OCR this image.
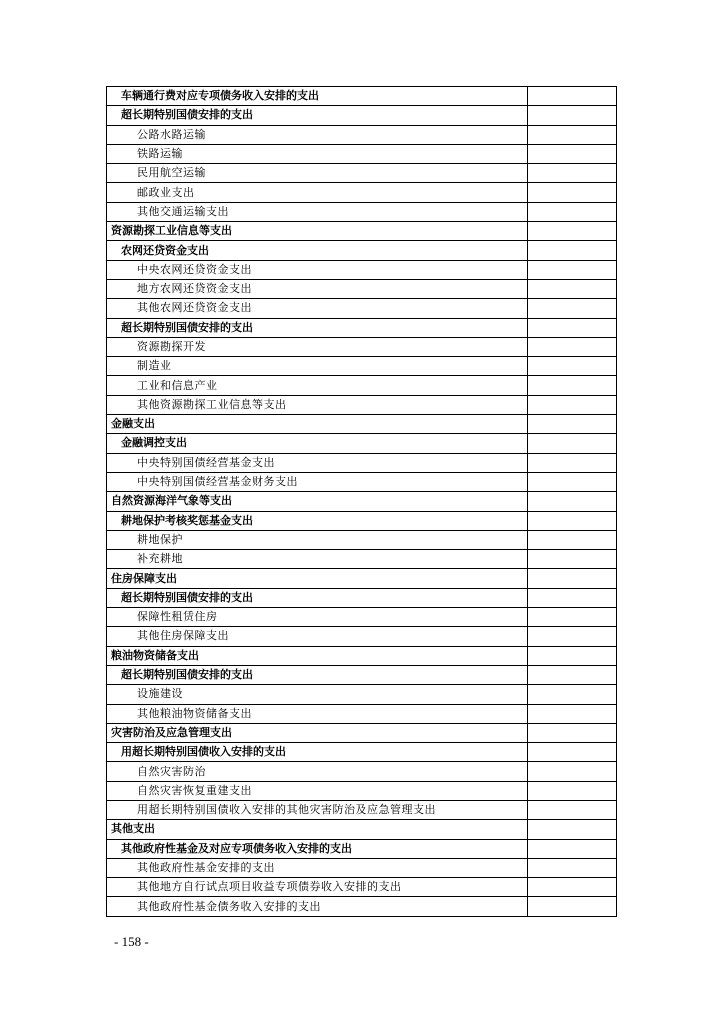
车辆通行费对应专项债务收入安排的支出	
超长期特别国债安排的支出	
公路水路运输	
铁路运输	
民用航空运输	
邮政业支出	
其他交通运输支出	
资源勘探工业信息等支出	
农网还贷资金支出	
中央农网还贷资金支出	
地方农网还贷资金支出	
其他农网还贷资金支出	
超长期特别国债安排的支出	
资源勘探开发	
制造业	
工业和信息产业	
其他资源勘探工业信息等支出	
金融支出	
金融调控支出	
中央特别国债经营基金支出	
中央特别国债经营基金财务支出	
自然资源海洋气象等支出	
耕地保护考核奖惩基金支出	
耕地保护	
补充耕地	
住房保障支出	
超长期特别国债安排的支出	
保障性租赁住房	
其他住房保障支出	
粮油物资储备支出	
超长期特别国债安排的支出	
设施建设	
其他粮油物资储备支出	
灾害防治及应急管理支出	
用超长期特别国债收入安排的支出	
自然灾害防治	
自然灾害恢复重建支出	
用超长期特别国债收入安排的其他灾害防治及应急管理支出	
其他支出	
其他政府性基金及对应专项债务收入安排的支出	
其他政府性基金安排的支出	
其他地方自行试点项目收益专项债券收入安排的支出	
其他政府性基金债务收入安排的支出	
- 158 -
